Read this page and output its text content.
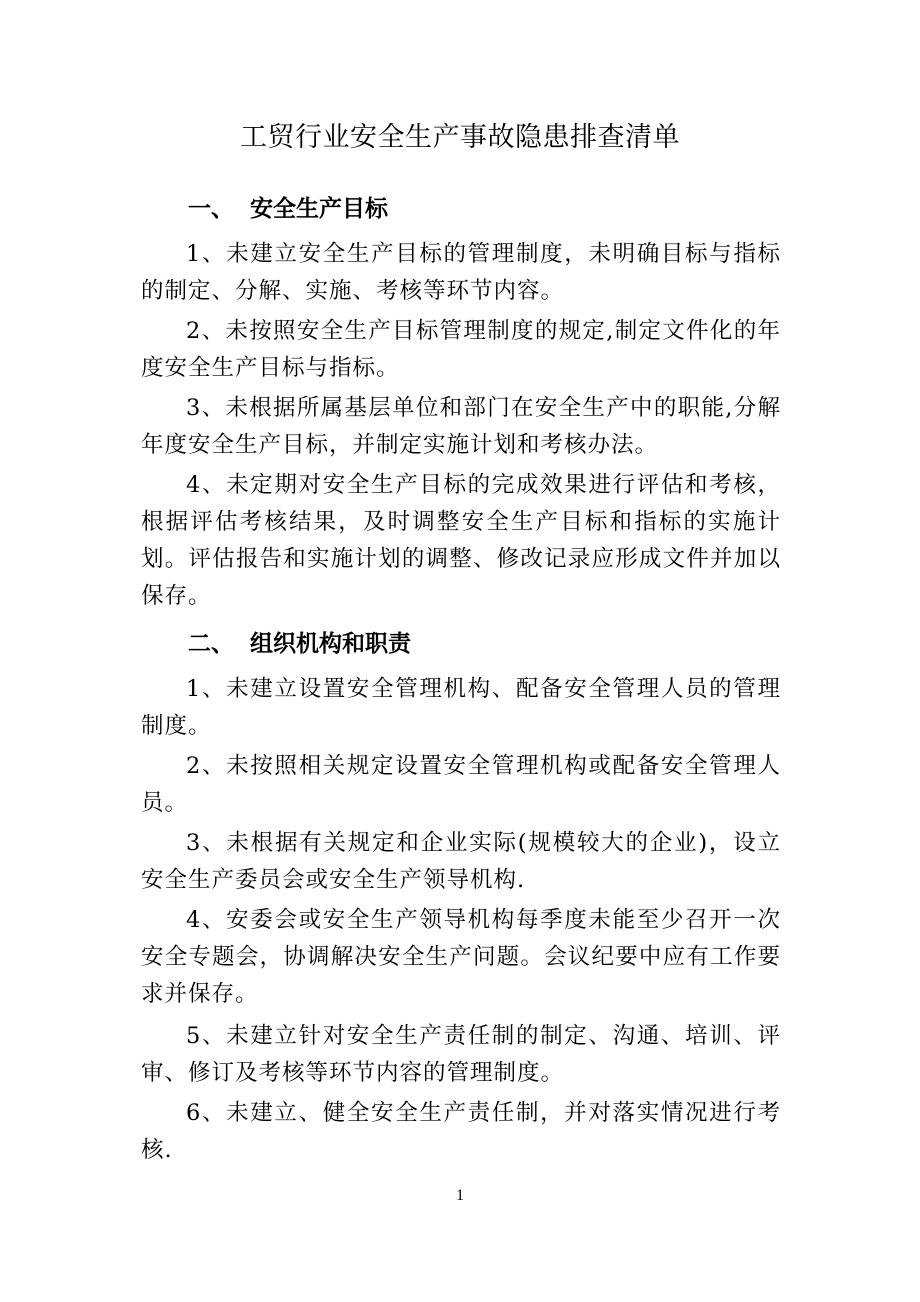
工贸行业安全生产事故隐患排查清单
一、 安全生产目标
1、未建立安全生产目标的管理制度，未明确目标与指标的制定、分解、实施、考核等环节内容。
2、未按照安全生产目标管理制度的规定,制定文件化的年度安全生产目标与指标。
3、未根据所属基层单位和部门在安全生产中的职能,分解年度安全生产目标，并制定实施计划和考核办法。
4、未定期对安全生产目标的完成效果进行评估和考核，根据评估考核结果，及时调整安全生产目标和指标的实施计划。评估报告和实施计划的调整、修改记录应形成文件并加以保存。
二、 组织机构和职责
1、未建立设置安全管理机构、配备安全管理人员的管理制度。
2、未按照相关规定设置安全管理机构或配备安全管理人员。
3、未根据有关规定和企业实际(规模较大的企业)，设立安全生产委员会或安全生产领导机构.
4、安委会或安全生产领导机构每季度未能至少召开一次安全专题会，协调解决安全生产问题。会议纪要中应有工作要求并保存。
5、未建立针对安全生产责任制的制定、沟通、培训、评审、修订及考核等环节内容的管理制度。
6、未建立、健全安全生产责任制，并对落实情况进行考核.
1
